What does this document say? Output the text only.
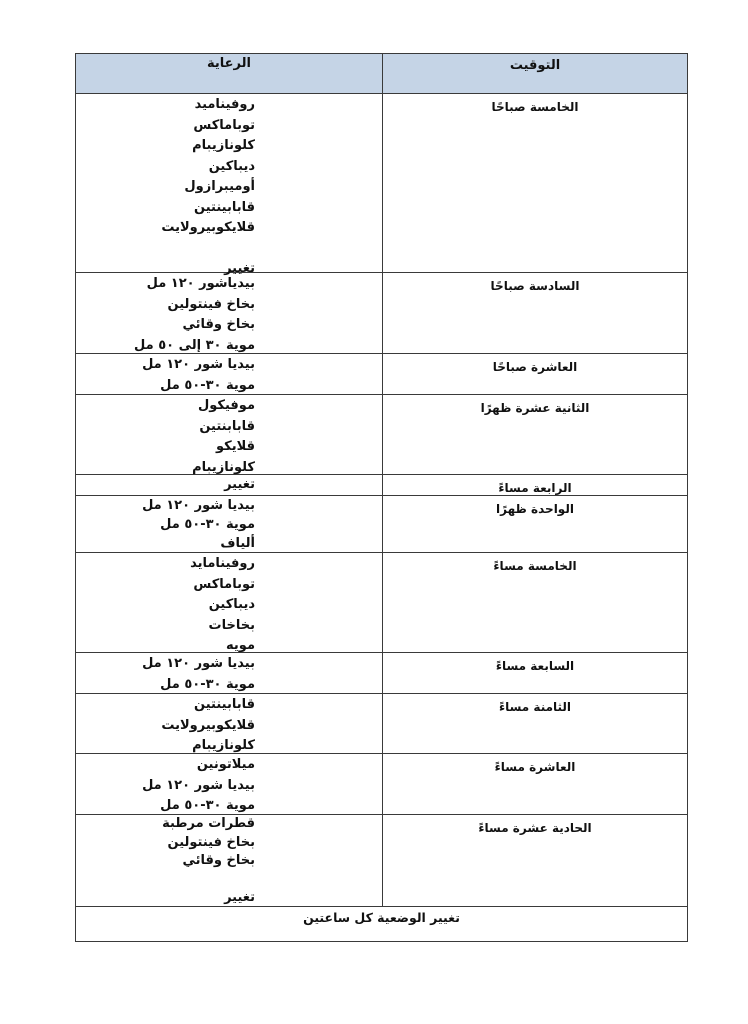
التوقيت
الرعاية
الخامسة صباحًا
روفيناميد
توباماكس
كلونازيبام
ديباكين
أوميبرازول
قابابينتين
قلايكوبيرولايت
تغيير
السادسة صباحًا
بيدياشور ١٢٠ مل
بخاخ فينتولين
بخاخ وقائي
موية ٣٠ إلى ٥٠ مل
العاشرة صباحًا
بيديا شور ١٢٠ مل
موية ٣٠-٥٠ مل
الثانية عشرة ظهرًا
موفيكول
قابابنتين
قلايكو
كلونازيبام
الرابعة مساءً
تغيير
الواحدة ظهرًا
بيديا شور ١٢٠ مل
موية ٣٠-٥٠ مل
ألياف
الخامسة مساءً
روفينامايد
توباماكس
ديباكين
بخاخات
مويه
السابعة مساءً
بيديا شور ١٢٠ مل
موية ٣٠-٥٠ مل
الثامنة مساءً
قابابينتين
قلايكوبيرولايت
كلونازيبام
العاشرة مساءً
ميلاتونين
بيديا شور ١٢٠ مل
موية ٣٠-٥٠ مل
الحادية عشرة مساءً
قطرات مرطبة
بخاخ فينتولين
بخاخ وقائي
تغيير
تغيير الوضعية كل ساعتين
